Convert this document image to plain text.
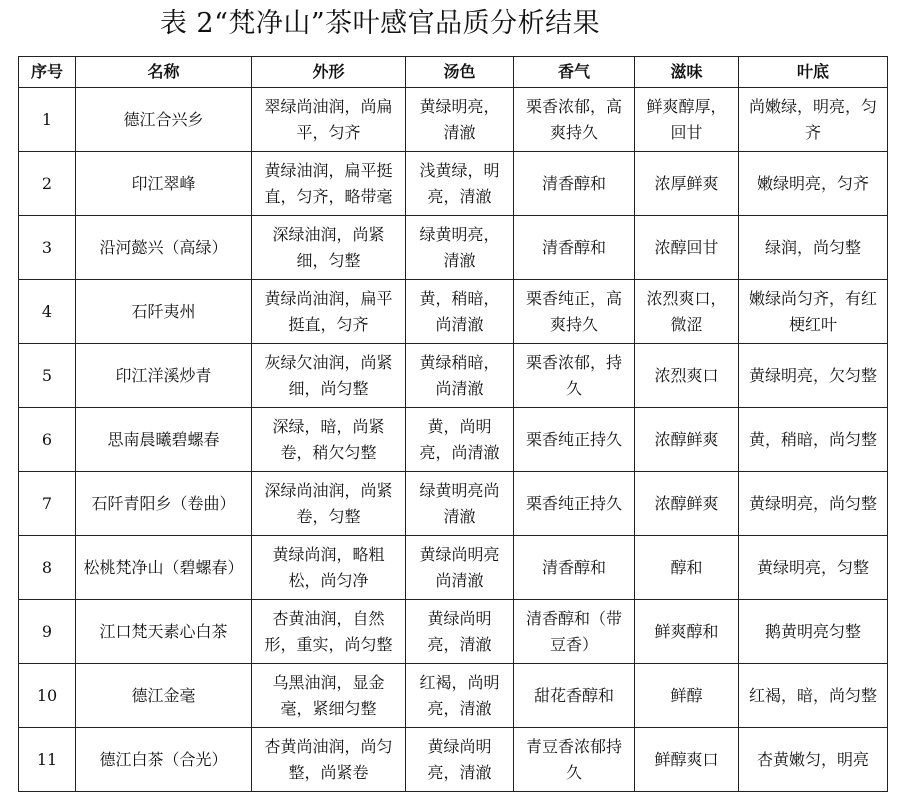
表 2“梵净山”茶叶感官品质分析结果
序号	名称	外形	汤色	香气	滋味	叶底
1	德江合兴乡	翠绿尚油润，尚扁平，匀齐	黄绿明亮，清澈	栗香浓郁，高爽持久	鲜爽醇厚，回甘	尚嫩绿，明亮，匀齐
2	印江翠峰	黄绿油润，扁平挺直，匀齐，略带毫	浅黄绿，明亮，清澈	清香醇和	浓厚鲜爽	嫩绿明亮，匀齐
3	沿河懿兴（高绿）	深绿油润，尚紧细，匀整	绿黄明亮，清澈	清香醇和	浓醇回甘	绿润，尚匀整
4	石阡夷州	黄绿尚油润，扁平挺直，匀齐	黄，稍暗，尚清澈	栗香纯正，高爽持久	浓烈爽口，微涩	嫩绿尚匀齐，有红梗红叶
5	印江洋溪炒青	灰绿欠油润，尚紧细，尚匀整	黄绿稍暗，尚清澈	栗香浓郁，持久	浓烈爽口	黄绿明亮，欠匀整
6	思南晨曦碧螺春	深绿，暗，尚紧卷，稍欠匀整	黄，尚明亮，尚清澈	栗香纯正持久	浓醇鲜爽	黄，稍暗，尚匀整
7	石阡青阳乡（卷曲）	深绿尚油润，尚紧卷，匀整	绿黄明亮尚清澈	栗香纯正持久	浓醇鲜爽	黄绿明亮，尚匀整
8	松桃梵净山（碧螺春）	黄绿尚润，略粗松，尚匀净	黄绿尚明亮尚清澈	清香醇和	醇和	黄绿明亮，匀整
9	江口梵天素心白茶	杏黄油润，自然形，重实，尚匀整	黄绿尚明亮，清澈	清香醇和（带豆香）	鲜爽醇和	鹅黄明亮匀整
10	德江金毫	乌黑油润，显金毫，紧细匀整	红褐，尚明亮，清澈	甜花香醇和	鲜醇	红褐，暗，尚匀整
11	德江白茶（合光）	杏黄尚油润，尚匀整，尚紧卷	黄绿尚明亮，清澈	青豆香浓郁持久	鲜醇爽口	杏黄嫩匀，明亮
